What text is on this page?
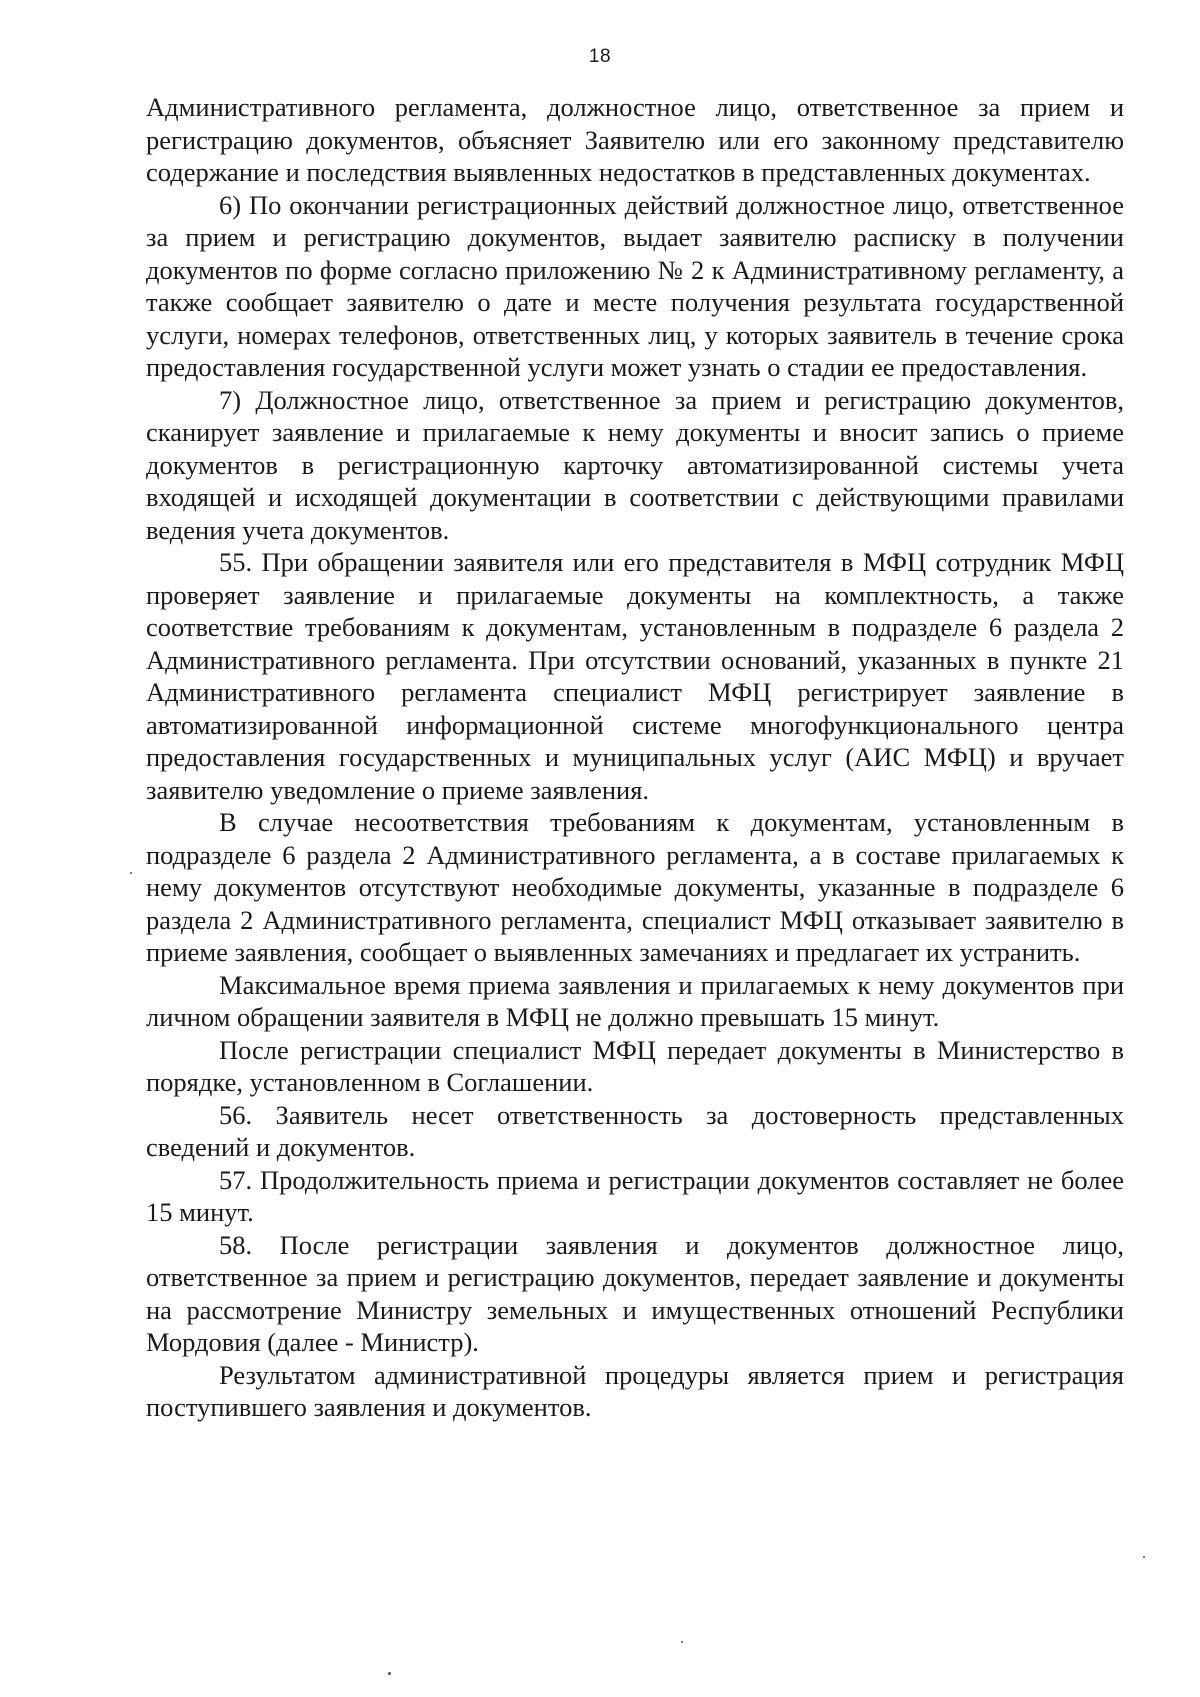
18

Административного регламента, должностное лицо, ответственное за прием и регистрацию документов, объясняет Заявителю или его законному представителю содержание и последствия выявленных недостатков в представленных документах.

6) По окончании регистрационных действий должностное лицо, ответственное за прием и регистрацию документов, выдает заявителю расписку в получении документов по форме согласно приложению № 2 к Административному регламенту, а также сообщает заявителю о дате и месте получения результата государственной услуги, номерах телефонов, ответственных лиц, у которых заявитель в течение срока предоставления государственной услуги может узнать о стадии ее предоставления.

7) Должностное лицо, ответственное за прием и регистрацию документов, сканирует заявление и прилагаемые к нему документы и вносит запись о приеме документов в регистрационную карточку автоматизированной системы учета входящей и исходящей документации в соответствии с действующими правилами ведения учета документов.

55. При обращении заявителя или его представителя в МФЦ сотрудник МФЦ проверяет заявление и прилагаемые документы на комплектность, а также соответствие требованиям к документам, установленным в подразделе 6 раздела 2 Административного регламента. При отсутствии оснований, указанных в пункте 21 Административного регламента специалист МФЦ регистрирует заявление в автоматизированной информационной системе многофункционального центра предоставления государственных и муниципальных услуг (АИС МФЦ) и вручает заявителю уведомление о приеме заявления.

В случае несоответствия требованиям к документам, установленным в подразделе 6 раздела 2 Административного регламента, а в составе прилагаемых к нему документов отсутствуют необходимые документы, указанные в подразделе 6 раздела 2 Административного регламента, специалист МФЦ отказывает заявителю в приеме заявления, сообщает о выявленных замечаниях и предлагает их устранить.

Максимальное время приема заявления и прилагаемых к нему документов при личном обращении заявителя в МФЦ не должно превышать 15 минут.

После регистрации специалист МФЦ передает документы в Министерство в порядке, установленном в Соглашении.

56. Заявитель несет ответственность за достоверность представленных сведений и документов.

57. Продолжительность приема и регистрации документов составляет не более 15 минут.

58. После регистрации заявления и документов должностное лицо, ответственное за прием и регистрацию документов, передает заявление и документы на рассмотрение Министру земельных и имущественных отношений Республики Мордовия (далее - Министр).

Результатом административной процедуры является прием и регистрация поступившего заявления и документов.
